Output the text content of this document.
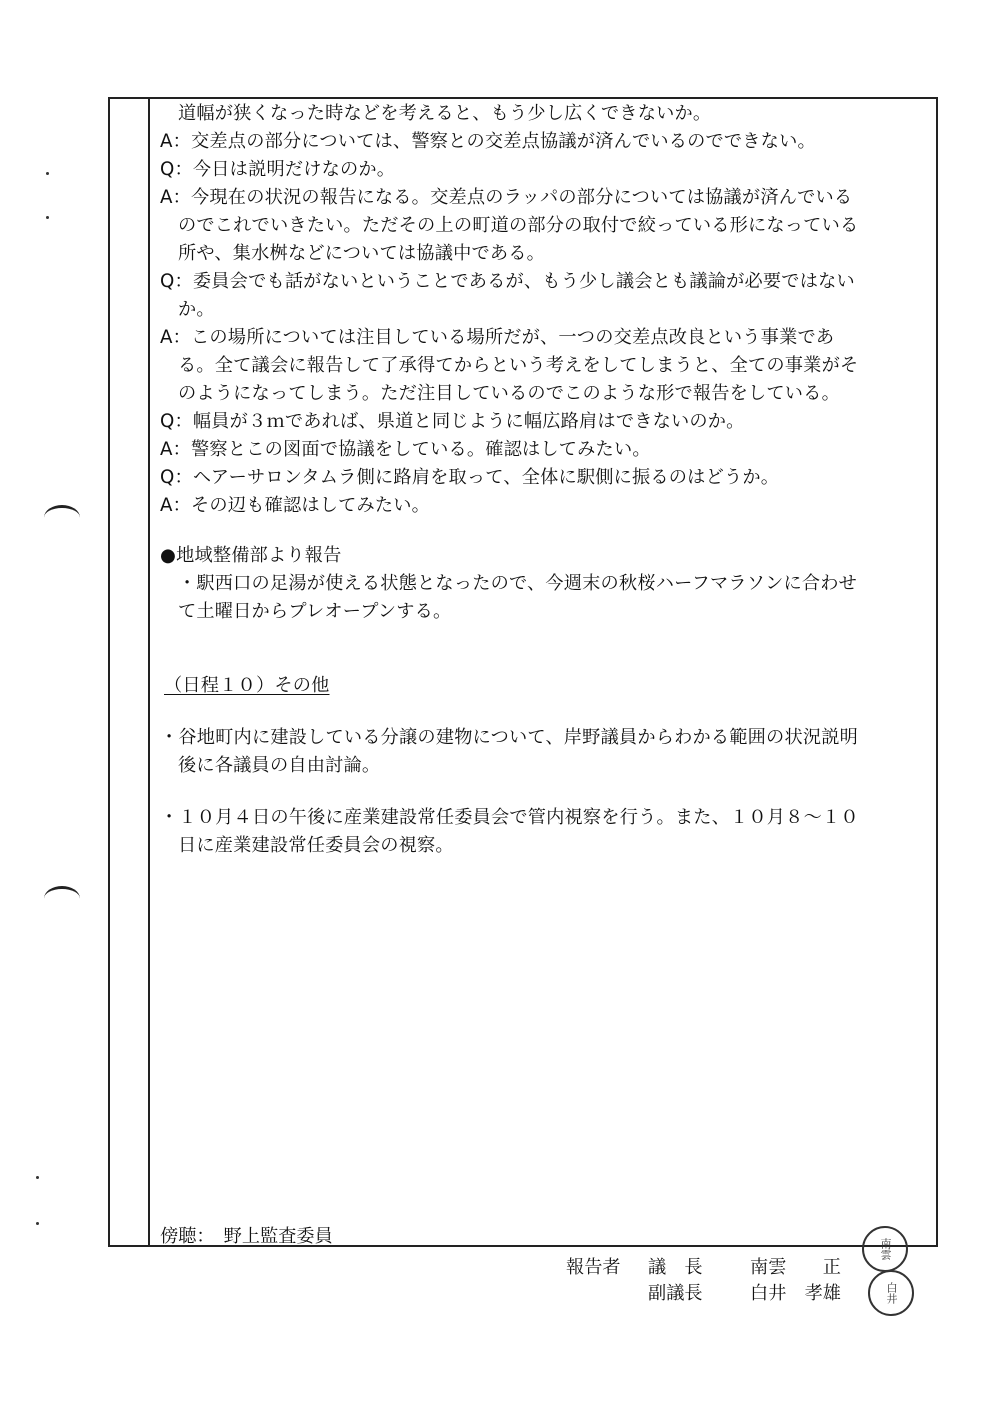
道幅が狭くなった時などを考えると、もう少し広くできないか。

A：交差点の部分については、警察との交差点協議が済んでいるのでできない。

Q：今日は説明だけなのか。

A：今現在の状況の報告になる。交差点のラッパの部分については協議が済んでいる

のでこれでいきたい。ただその上の町道の部分の取付で絞っている形になっている

所や、集水桝などについては協議中である。

Q：委員会でも話がないということであるが、もう少し議会とも議論が必要ではない

か。

A：この場所については注目している場所だが、一つの交差点改良という事業であ

る。全て議会に報告して了承得てからという考えをしてしまうと、全ての事業がそ

のようになってしまう。ただ注目しているのでこのような形で報告をしている。

Q：幅員が３ｍであれば、県道と同じように幅広路肩はできないのか。

A：警察とこの図面で協議をしている。確認はしてみたい。

Q：ヘアーサロンタムラ側に路肩を取って、全体に駅側に振るのはどうか。

A：その辺も確認はしてみたい。

●地域整備部より報告

・駅西口の足湯が使える状態となったので、今週末の秋桜ハーフマラソンに合わせ

て土曜日からプレオープンする。

（日程１０）その他

・谷地町内に建設している分譲の建物について、岸野議員からわかる範囲の状況説明

後に各議員の自由討論。

・１０月４日の午後に産業建設常任委員会で管内視察を行う。また、１０月８～１０

日に産業建設常任委員会の視察。

傍聴：　野上監査委員
報告者 議　長	南雲　　正
副議長	白井　孝雄
南雲
白井
